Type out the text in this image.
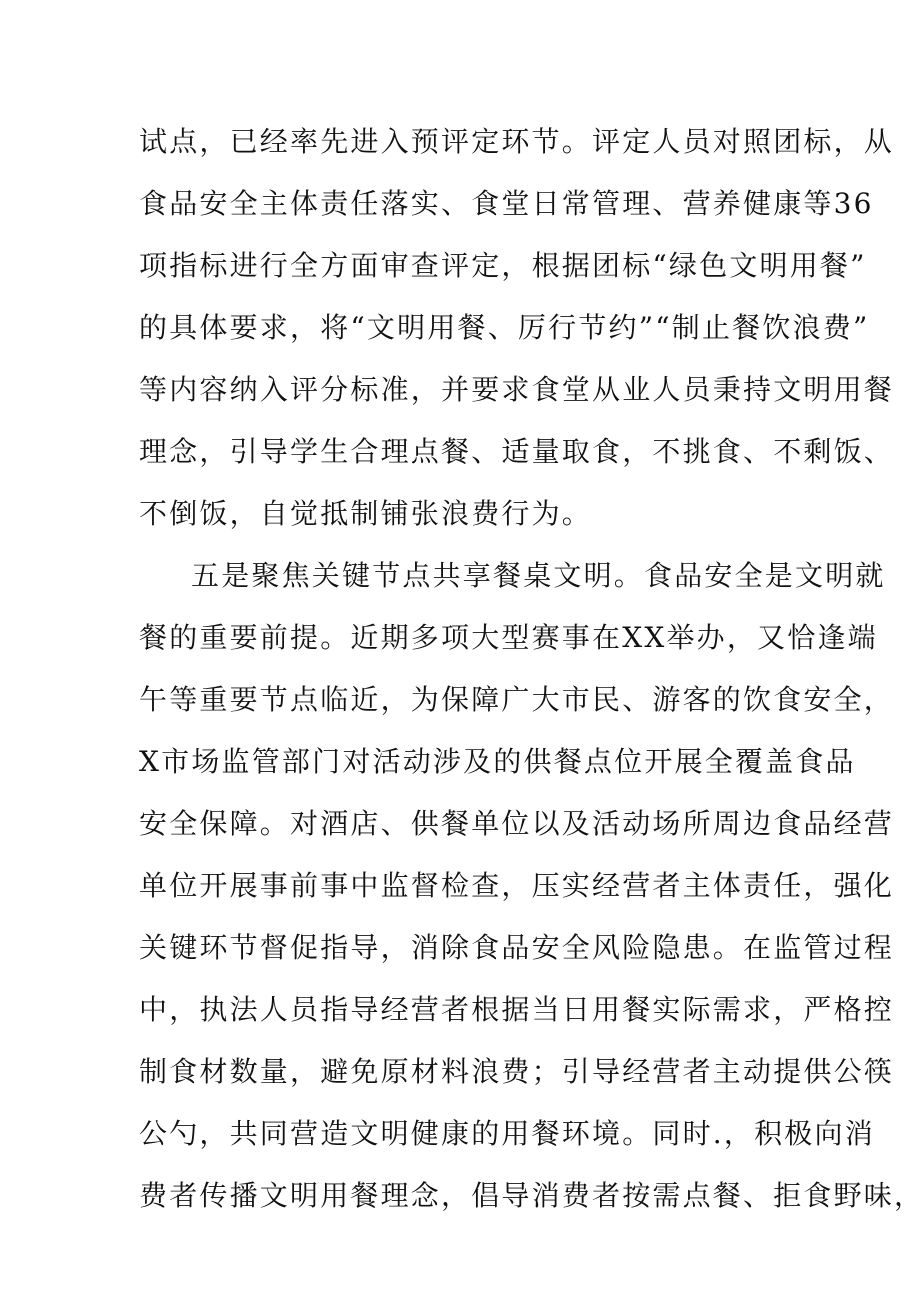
试点，已经率先进入预评定环节。评定人员对照团标，从
食品安全主体责任落实、食堂日常管理、营养健康等36
项指标进行全方面审查评定，根据团标“绿色文明用餐”
的具体要求，将“文明用餐、厉行节约”“制止餐饮浪费”
等内容纳入评分标准，并要求食堂从业人员秉持文明用餐
理念，引导学生合理点餐、适量取食，不挑食、不剩饭、
不倒饭，自觉抵制铺张浪费行为。
五是聚焦关键节点共享餐桌文明。食品安全是文明就
餐的重要前提。近期多项大型赛事在XX举办，又恰逢端
午等重要节点临近，为保障广大市民、游客的饮食安全，
X市场监管部门对活动涉及的供餐点位开展全覆盖食品
安全保障。对酒店、供餐单位以及活动场所周边食品经营
单位开展事前事中监督检查，压实经营者主体责任，强化
关键环节督促指导，消除食品安全风险隐患。在监管过程
中，执法人员指导经营者根据当日用餐实际需求，严格控
制食材数量，避免原材料浪费；引导经营者主动提供公筷
公勺，共同营造文明健康的用餐环境。同时.，积极向消
费者传播文明用餐理念，倡导消费者按需点餐、拒食野味，
